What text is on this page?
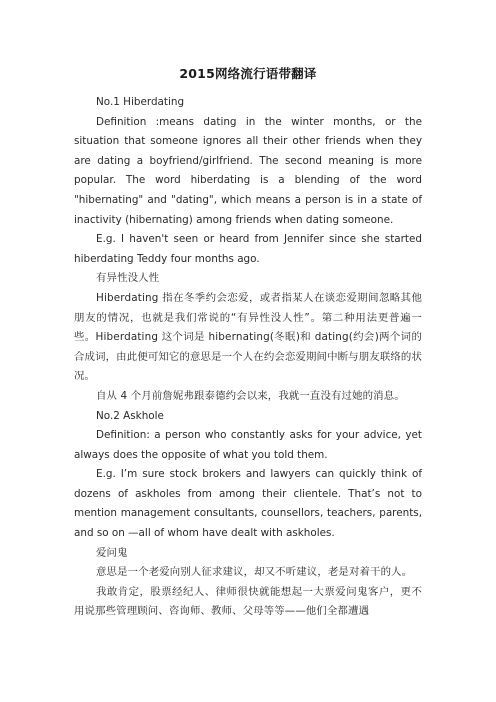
2015网络流行语带翻译

No.1 Hiberdating

Definition :means dating in the winter months, or the situation that someone ignores all their other friends when they are dating a boyfriend/girlfriend. The second meaning is more popular. The word hiberdating is a blending of the word "hibernating" and "dating", which means a person is in a state of inactivity (hibernating) among friends when dating someone.

E.g. I haven't seen or heard from Jennifer since she started hiberdating Teddy four months ago.

有异性没人性

Hiberdating 指在冬季约会恋爱，或者指某人在谈恋爱期间忽略其他朋友的情况，也就是我们常说的“有异性没人性”。第二种用法更普遍一些。Hiberdating 这个词是 hibernating(冬眠)和 dating(约会)两个词的合成词，由此便可知它的意思是一个人在约会恋爱期间中断与朋友联络的状况。

自从 4 个月前詹妮弗跟泰德约会以来，我就一直没有过她的消息。

No.2 Askhole

Definition: a person who constantly asks for your advice, yet always does the opposite of what you told them.

E.g. I’m sure stock brokers and lawyers can quickly think of dozens of askholes from among their clientele. That’s not to mention management consultants, counsellors, teachers, parents, and so on —all of whom have dealt with askholes.

爱问鬼

意思是一个老爱向别人征求建议，却又不听建议，老是对着干的人。

我敢肯定，股票经纪人、律师很快就能想起一大票爱问鬼客户，更不用说那些管理顾问、咨询师、教师、父母等等——他们全都遭遇
